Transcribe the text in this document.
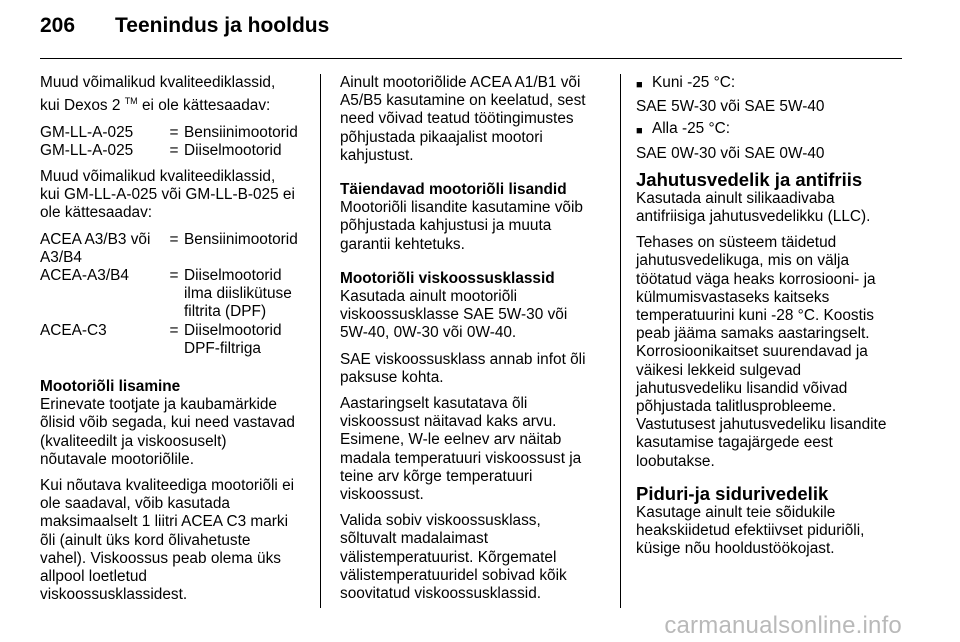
206	Teenindus ja hooldus

Muud võimalikud kvaliteediklassid,
kui Dexos 2 ™ ei ole kättesaadav:

GM-LL-A-025	=	Bensiinimootorid
GM-LL-A-025	=	Diiselmootorid

Muud võimalikud kvaliteediklassid,
kui GM-LL-A-025 või GM-LL-B-025 ei
ole kättesaadav:

ACEA A3/B3 või
A3/B4	=	Bensiinimootorid
ACEA-A3/B4	=	Diiselmootorid
ilma diislikütuse
filtrita (DPF)
ACEA-C3	=	Diiselmootorid
DPF-filtriga
Mootoriõli lisamine

Erinevate tootjate ja kaubamärkide
õlisid võib segada, kui need vastavad
(kvaliteedilt ja viskoosuselt)
nõutavale mootoriõlile.

Kui nõutava kvaliteediga mootoriõli ei
ole saadaval, võib kasutada
maksimaalselt 1 liitri ACEA C3 marki
õli (ainult üks kord õlivahetuste
vahel). Viskoossus peab olema üks
allpool loetletud
viskoossusklassidest.

Ainult mootoriõlide ACEA A1/B1 või
A5/B5 kasutamine on keelatud, sest
need võivad teatud töötingimustes
põhjustada pikaajalist mootori
kahjustust.

Täiendavad mootoriõli lisandid

Mootoriõli lisandite kasutamine võib
põhjustada kahjustusi ja muuta
garantii kehtetuks.

Mootoriõli viskoossusklassid

Kasutada ainult mootoriõli
viskoossusklasse SAE 5W-30 või
5W-40, 0W-30 või 0W-40.

SAE viskoossusklass annab infot õli
paksuse kohta.

Aastaringselt kasutatava õli
viskoossust näitavad kaks arvu.
Esimene, W-le eelnev arv näitab
madala temperatuuri viskoossust ja
teine arv kõrge temperatuuri
viskoossust.

Valida sobiv viskoossusklass,
sõltuvalt madalaimast
välistemperatuurist. Kõrgematel
välistemperatuuridel sobivad kõik
soovitatud viskoossusklassid.

■ Kuni -25 °C:
SAE 5W-30 või SAE 5W-40
■ Alla -25 °C:
SAE 0W-30 või SAE 0W-40
Jahutusvedelik ja antifriis

Kasutada ainult silikaadivaba
antifriisiga jahutusvedelikku (LLC).

Tehases on süsteem täidetud
jahutusvedelikuga, mis on välja
töötatud väga heaks korrosiooni- ja
külmumisvastaseks kaitseks
temperatuurini kuni -28 °C. Koostis
peab jääma samaks aastaringselt.
Korrosioonikaitset suurendavad ja
väikesi lekkeid sulgevad
jahutusvedeliku lisandid võivad
põhjustada talitlusprobleeme.
Vastutusest jahutusvedeliku lisandite
kasutamise tagajärgede eest
loobutakse.

Piduri-ja sidurivedelik

Kasutage ainult teie sõidukile
heakskiidetud efektiivset piduriõli,
küsige nõu hooldustöökojast.

carmanualsonline.info
